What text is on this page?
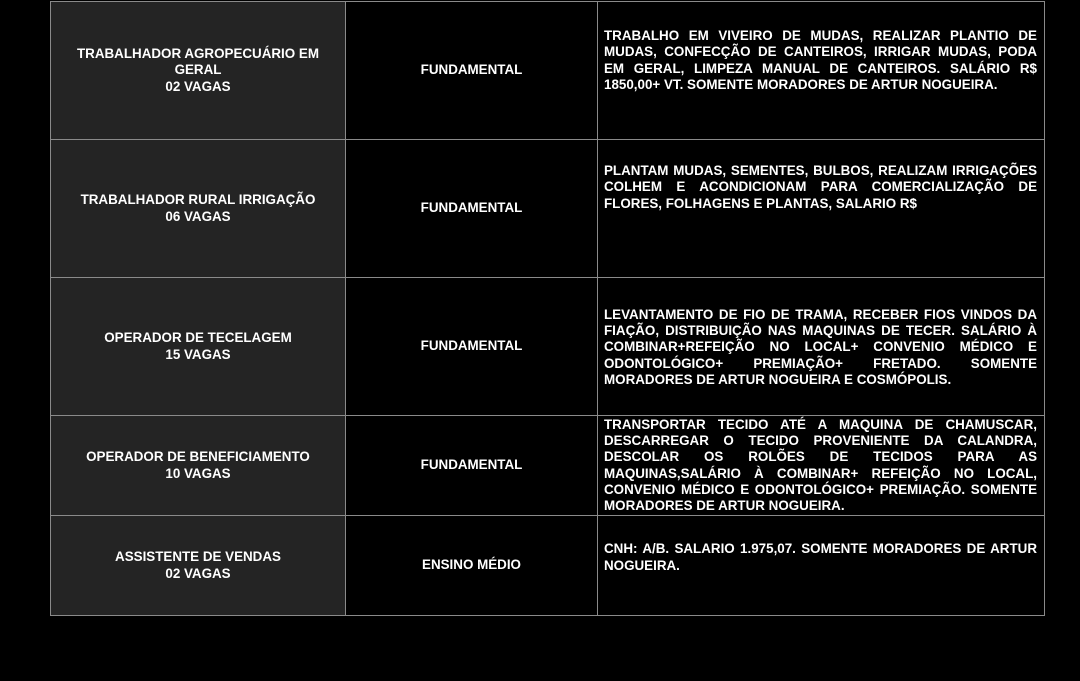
TRABALHADOR AGROPECUÁRIO EM GERAL
02 VAGAS	FUNDAMENTAL	TRABALHO EM VIVEIRO DE MUDAS, REALIZAR PLANTIO DE MUDAS, CONFECÇÃO DE CANTEIROS, IRRIGAR MUDAS, PODA EM GERAL, LIMPEZA MANUAL DE CANTEIROS. SALÁRIO R$ 1850,00+ VT. SOMENTE MORADORES DE ARTUR NOGUEIRA.

TRABALHADOR RURAL IRRIGAÇÃO
06 VAGAS	FUNDAMENTAL	PLANTAM MUDAS, SEMENTES, BULBOS, REALIZAM IRRIGAÇÕES COLHEM E ACONDICIONAM PARA COMERCIALIZAÇÃO DE FLORES, FOLHAGENS E PLANTAS, SALARIO R$

OPERADOR DE TECELAGEM
15 VAGAS	FUNDAMENTAL	LEVANTAMENTO DE FIO DE TRAMA, RECEBER FIOS VINDOS DA FIAÇÃO, DISTRIBUIÇÃO NAS MAQUINAS DE TECER. SALÁRIO À COMBINAR+REFEIÇÃO NO LOCAL+ CONVENIO MÉDICO E ODONTOLÓGICO+ PREMIAÇÃO+ FRETADO. SOMENTE MORADORES DE ARTUR NOGUEIRA E COSMÓPOLIS.

OPERADOR DE BENEFICIAMENTO
10 VAGAS	FUNDAMENTAL	TRANSPORTAR TECIDO ATÉ A MAQUINA DE CHAMUSCAR, DESCARREGAR O TECIDO PROVENIENTE DA CALANDRA, DESCOLAR OS ROLÕES DE TECIDOS PARA AS MAQUINAS,SALÁRIO À COMBINAR+ REFEIÇÃO NO LOCAL, CONVENIO MÉDICO E ODONTOLÓGICO+ PREMIAÇÃO. SOMENTE MORADORES DE ARTUR NOGUEIRA.

ASSISTENTE DE VENDAS
02 VAGAS	ENSINO MÉDIO	CNH: A/B. SALARIO 1.975,07. SOMENTE MORADORES DE ARTUR NOGUEIRA.
